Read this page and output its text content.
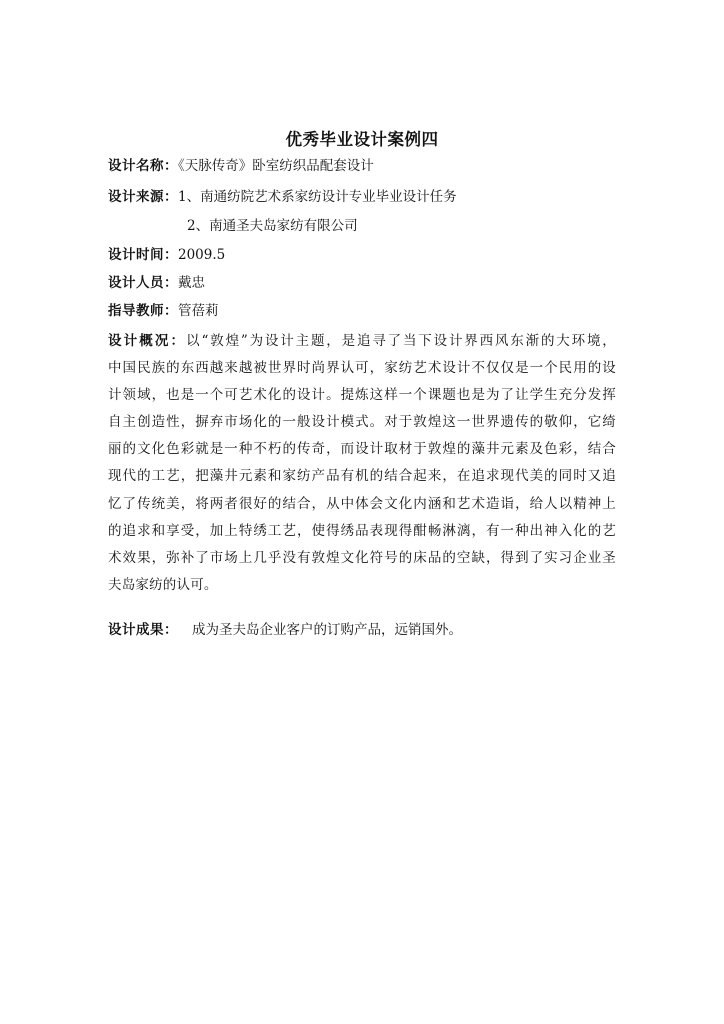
优秀毕业设计案例四
设计名称：《天脉传奇》卧室纺织品配套设计
设计来源：1、南通纺院艺术系家纺设计专业毕业设计任务
2、南通圣夫岛家纺有限公司
设计时间：2009.5
设计人员：戴忠
指导教师：管蓓莉
设计概况：以“敦煌”为设计主题，是追寻了当下设计界西风东渐的大环境，
中国民族的东西越来越被世界时尚界认可，家纺艺术设计不仅仅是一个民用的设
计领域，也是一个可艺术化的设计。提炼这样一个课题也是为了让学生充分发挥
自主创造性，摒弃市场化的一般设计模式。对于敦煌这一世界遗传的敬仰，它绮
丽的文化色彩就是一种不朽的传奇，而设计取材于敦煌的藻井元素及色彩，结合
现代的工艺，把藻井元素和家纺产品有机的结合起来，在追求现代美的同时又追
忆了传统美，将两者很好的结合，从中体会文化内涵和艺术造诣，给人以精神上
的追求和享受，加上特绣工艺，使得绣品表现得酣畅淋漓，有一种出神入化的艺
术效果，弥补了市场上几乎没有敦煌文化符号的床品的空缺，得到了实习企业圣
夫岛家纺的认可。
设计成果： 成为圣夫岛企业客户的订购产品，远销国外。
